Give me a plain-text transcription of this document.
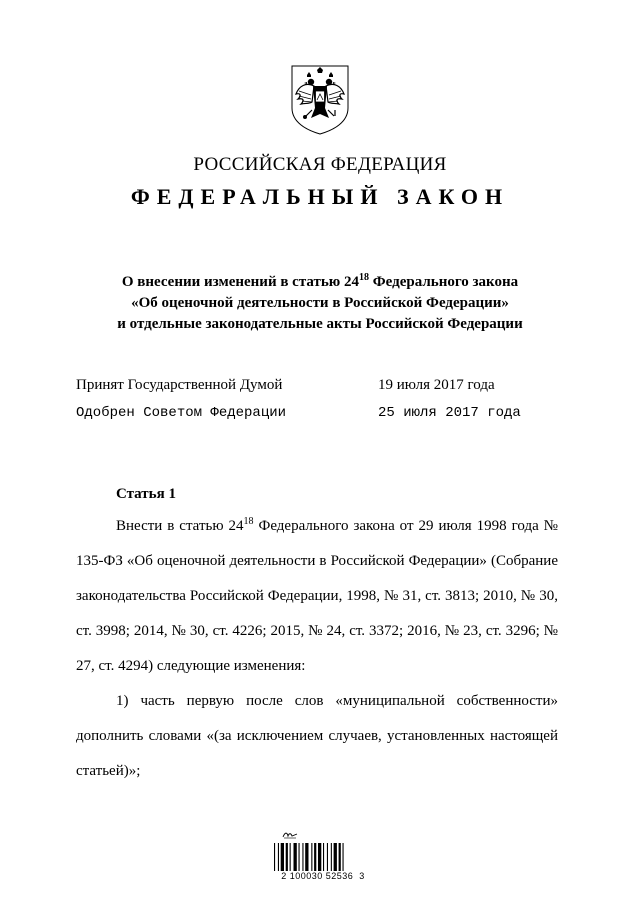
РОССИЙСКАЯ ФЕДЕРАЦИЯ
ФЕДЕРАЛЬНЫЙ ЗАКОН
О внесении изменений в статью $24^{18}$ Федерального закона
«Об оценочной деятельности в Российской Федерации»
и отдельные законодательные акты Российской Федерации
Принят Государственной Думой	19 июля 2017 года
Одобрен Советом Федерации	25 июля 2017 года
Статья 1
Внести в статью $24^{18}$ Федерального закона от 29 июля 1998 года № 135-ФЗ «Об оценочной деятельности в Российской Федерации» (Собрание законодательства Российской Федерации, 1998, № 31, ст. 3813; 2010, № 30, ст. 3998; 2014, № 30, ст. 4226; 2015, № 24, ст. 3372; 2016, № 23, ст. 3296; № 27, ст. 4294) следующие изменения:
1) часть первую после слов «муниципальной собственности» дополнить словами «(за исключением случаев, установленных настоящей статьей)»;
2 100030 52536  3
